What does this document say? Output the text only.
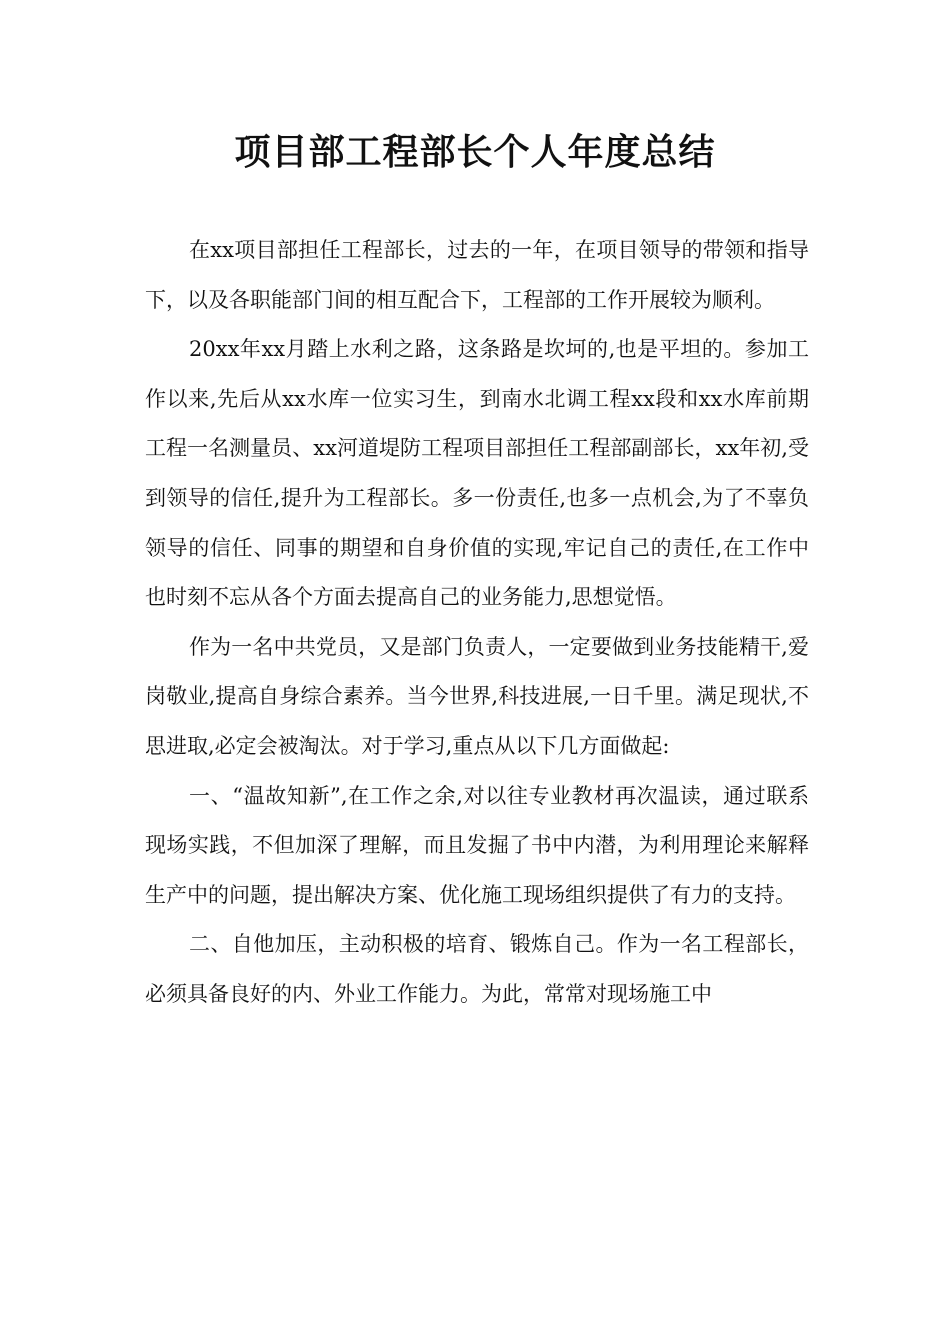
项目部工程部长个人年度总结

在xx项目部担任工程部长，过去的一年，在项目领导的带领和指导下，以及各职能部门间的相互配合下，工程部的工作开展较为顺利。

20xx年xx月踏上水利之路，这条路是坎坷的,也是平坦的。参加工作以来,先后从xx水库一位实习生，到南水北调工程xx段和xx水库前期工程一名测量员、xx河道堤防工程项目部担任工程部副部长，xx年初,受到领导的信任,提升为工程部长。多一份责任,也多一点机会,为了不辜负领导的信任、同事的期望和自身价值的实现,牢记自己的责任,在工作中也时刻不忘从各个方面去提高自己的业务能力,思想觉悟。

作为一名中共党员，又是部门负责人，一定要做到业务技能精干,爱岗敬业,提高自身综合素养。当今世界,科技进展,一日千里。满足现状,不思进取,必定会被淘汰。对于学习,重点从以下几方面做起:

一、“温故知新”,在工作之余,对以往专业教材再次温读，通过联系现场实践，不但加深了理解，而且发掘了书中内潜，为利用理论来解释生产中的问题，提出解决方案、优化施工现场组织提供了有力的支持。

二、自他加压，主动积极的培育、锻炼自己。作为一名工程部长，必须具备良好的内、外业工作能力。为此，常常对现场施工中
